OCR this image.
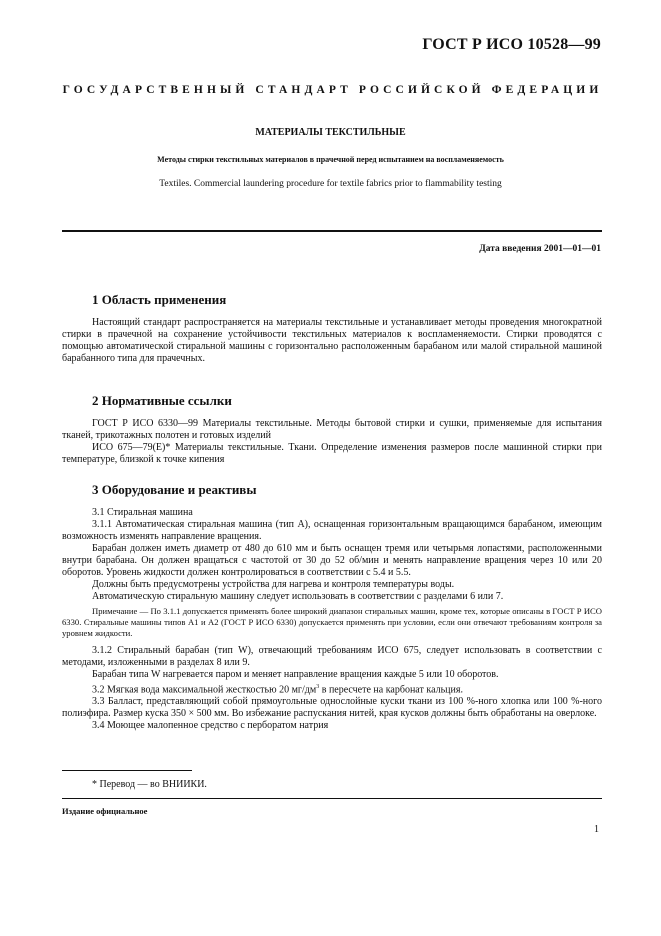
ГОСТ Р ИСО 10528—99
ГОСУДАРСТВЕННЫЙ СТАНДАРТ РОССИЙСКОЙ ФЕДЕРАЦИИ
МАТЕРИАЛЫ ТЕКСТИЛЬНЫЕ
Методы стирки текстильных материалов в прачечной перед испытанием на воспламеняемость
Textiles. Commercial laundering procedure for textile fabrics prior to flammability testing
Дата введения 2001—01—01
1 Область применения

Настоящий стандарт распространяется на материалы текстильные и устанавливает методы проведения многократной стирки в прачечной на сохранение устойчивости текстильных материалов к воспламеняемости. Стирки проводятся с помощью автоматической стиральной машины с горизонтально расположенным барабаном или малой стиральной машиной барабанного типа для прачечных.

2 Нормативные ссылки

ГОСТ Р ИСО 6330—99 Материалы текстильные. Методы бытовой стирки и сушки, применяемые для испытания тканей, трикотажных полотен и готовых изделий

ИСО 675—79(Е)* Материалы текстильные. Ткани. Определение изменения размеров после машинной стирки при температуре, близкой к точке кипения

3 Оборудование и реактивы

3.1 Стиральная машина

3.1.1 Автоматическая стиральная машина (тип А), оснащенная горизонтальным вращающимся барабаном, имеющим возможность изменять направление вращения.

Барабан должен иметь диаметр от 480 до 610 мм и быть оснащен тремя или четырьмя лопастями, расположенными внутри барабана. Он должен вращаться с частотой от 30 до 52 об/мин и менять направление вращения через 10 или 20 оборотов. Уровень жидкости должен контролироваться в соответствии с 5.4 и 5.5.

Должны быть предусмотрены устройства для нагрева и контроля температуры воды.

Автоматическую стиральную машину следует использовать в соответствии с разделами 6 или 7.

Примечание — По 3.1.1 допускается применять более широкий диапазон стиральных машин, кроме тех, которые описаны в ГОСТ Р ИСО 6330. Стиральные машины типов А1 и А2 (ГОСТ Р ИСО 6330) допускается применять при условии, если они отвечают требованиям контроля за уровнем жидкости.

3.1.2 Стиральный барабан (тип W), отвечающий требованиям ИСО 675, следует использовать в соответствии с методами, изложенными в разделах 8 или 9.

Барабан типа W нагревается паром и меняет направление вращения каждые 5 или 10 оборотов.

3.2 Мягкая вода максимальной жесткостью 20 $мг/дм^3$ в пересчете на карбонат кальция.

3.3 Балласт, представляющий собой прямоугольные однослойные куски ткани из 100 %-ного хлопка или 100 %-ного полиэфира. Размер куска 350 × 500 мм. Во избежание распускания нитей, края кусков должны быть обработаны на оверлоке.

3.4 Моющее малопенное средство с перборатом натрия

* Перевод — во ВНИИКИ.
Издание официальное
1
